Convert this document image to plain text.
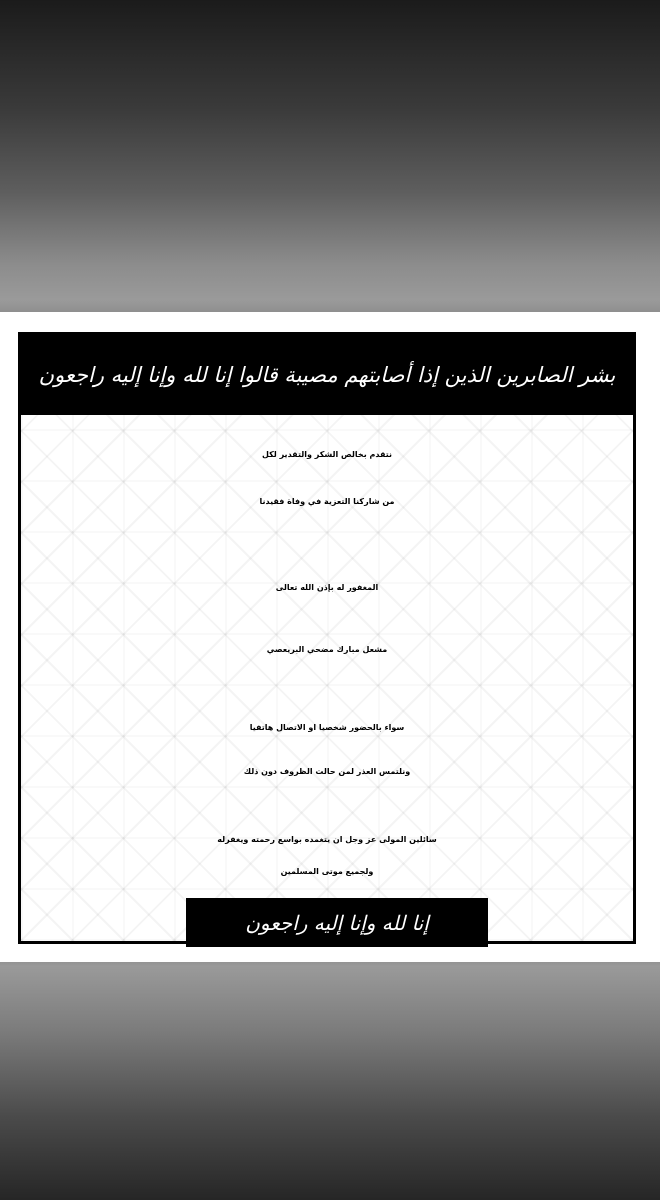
بشر الصابرين الذين إذا أصابتهم مصيبة قالوا إنا لله وإنا إليه راجعون
نتقدم بخالص الشكر والتقدير لكل
من شاركنا التعزية في وفاة فقيدنا
المغفور له بإذن الله تعالى
مشعل مبارك مضحي البريعصي
سواء بالحضور شخصيا او الاتصال هاتفيا
ونلتمس العذر لمن حالت الظروف دون ذلك
سائلين المولى عز وجل ان يتغمده بواسع رحمته ويغفرله
ولجميع موتى المسلمين
إنا لله وإنا إليه راجعون
